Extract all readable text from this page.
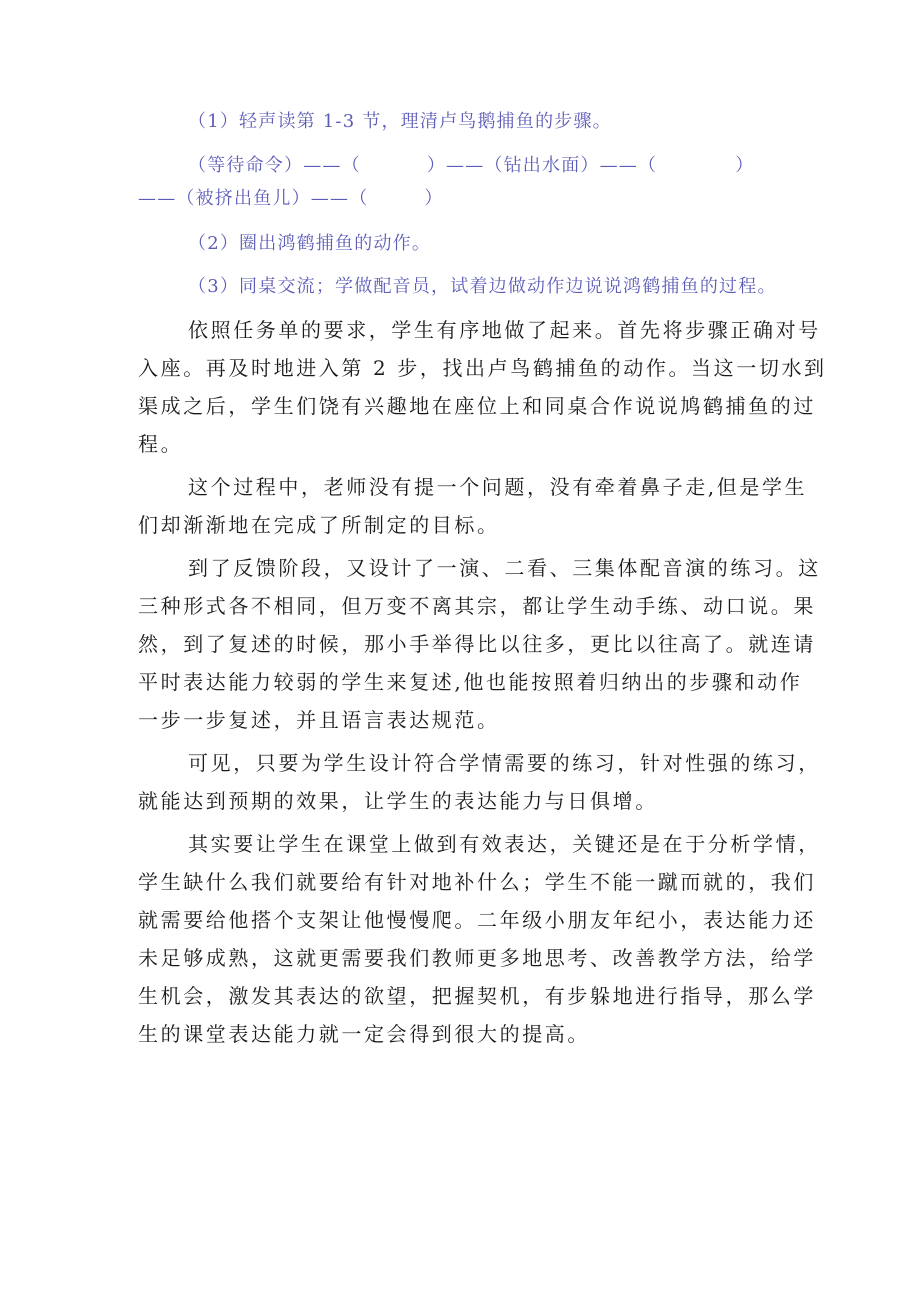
（1）轻声读第 1-3 节，理清卢鸟鹅捕鱼的步骤。
（等待命令）——（	）——（钻出水面）——（	）
——（被挤出鱼儿）——（	）
（2）圈出鸿鹤捕鱼的动作。
（3）同桌交流；学做配音员，试着边做动作边说说鸿鹤捕鱼的过程。
依照任务单的要求，学生有序地做了起来。首先将步骤正确对号
入座。再及时地进入第 2 步，找出卢鸟鹤捕鱼的动作。当这一切水到
渠成之后，学生们饶有兴趣地在座位上和同桌合作说说鸠鹤捕鱼的过
程。
这个过程中，老师没有提一个问题，没有牵着鼻子走,但是学生
们却渐渐地在完成了所制定的目标。
到了反馈阶段，又设计了一演、二看、三集体配音演的练习。这
三种形式各不相同，但万变不离其宗，都让学生动手练、动口说。果
然，到了复述的时候，那小手举得比以往多，更比以往高了。就连请
平时表达能力较弱的学生来复述,他也能按照着归纳出的步骤和动作
一步一步复述，并且语言表达规范。
可见，只要为学生设计符合学情需要的练习，针对性强的练习，
就能达到预期的效果，让学生的表达能力与日俱增。
其实要让学生在课堂上做到有效表达，关键还是在于分析学情，
学生缺什么我们就要给有针对地补什么；学生不能一蹴而就的，我们
就需要给他搭个支架让他慢慢爬。二年级小朋友年纪小，表达能力还
未足够成熟，这就更需要我们教师更多地思考、改善教学方法，给学
生机会，激发其表达的欲望，把握契机，有步躲地进行指导，那么学
生的课堂表达能力就一定会得到很大的提高。
